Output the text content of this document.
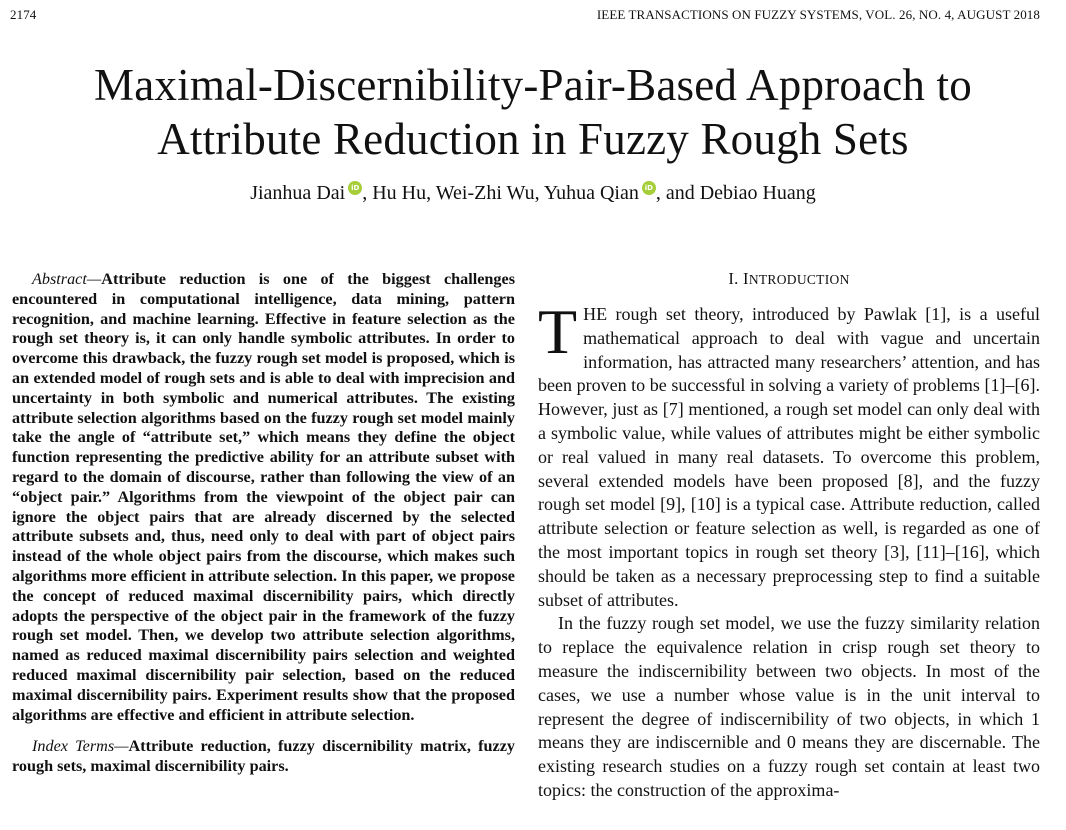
2174	IEEE TRANSACTIONS ON FUZZY SYSTEMS, VOL. 26, NO. 4, AUGUST 2018
Maximal-Discernibility-Pair-Based Approach to
Attribute Reduction in Fuzzy Rough Sets
Jianhua Dai iD , Hu Hu, Wei-Zhi Wu, Yuhua Qian iD , and Debiao Huang

Abstract—Attribute reduction is one of the biggest challenges encountered in computational intelligence, data mining, pattern recognition, and machine learning. Effective in feature selection as the rough set theory is, it can only handle symbolic attributes. In order to overcome this drawback, the fuzzy rough set model is proposed, which is an extended model of rough sets and is able to deal with imprecision and uncertainty in both symbolic and numerical attributes. The existing attribute selection algorithms based on the fuzzy rough set model mainly take the angle of “attribute set,” which means they define the object function representing the predictive ability for an attribute subset with regard to the domain of discourse, rather than following the view of an “object pair.” Algorithms from the viewpoint of the object pair can ignore the object pairs that are already discerned by the selected attribute subsets and, thus, need only to deal with part of object pairs instead of the whole object pairs from the discourse, which makes such algorithms more efficient in attribute selection. In this paper, we propose the concept of reduced maximal discernibility pairs, which directly adopts the perspective of the object pair in the framework of the fuzzy rough set model. Then, we develop two attribute selection algorithms, named as reduced maximal discernibility pairs selection and weighted reduced maximal discernibility pair selection, based on the reduced maximal discernibility pairs. Experiment results show that the proposed algorithms are effective and efficient in attribute selection.

Index Terms—Attribute reduction, fuzzy discernibility matrix, fuzzy rough sets, maximal discernibility pairs.

I. INTRODUCTION

THE rough set theory, introduced by Pawlak [1], is a useful mathematical approach to deal with vague and uncertain information, has attracted many researchers’ attention, and has been proven to be successful in solving a variety of problems [1]–[6]. However, just as [7] mentioned, a rough set model can only deal with a symbolic value, while values of attributes might be either symbolic or real valued in many real datasets. To overcome this problem, several extended models have been proposed [8], and the fuzzy rough set model [9], [10] is a typical case. Attribute reduction, called attribute selection or feature selection as well, is regarded as one of the most important topics in rough set theory [3], [11]–[16], which should be taken as a necessary preprocessing step to find a suitable subset of attributes.

In the fuzzy rough set model, we use the fuzzy similarity relation to replace the equivalence relation in crisp rough set theory to measure the indiscernibility between two objects. In most of the cases, we use a number whose value is in the unit interval to represent the degree of indiscernibility of two objects, in which 1 means they are indiscernible and 0 means they are discernable. The existing research studies on a fuzzy rough set contain at least two topics: the construction of the approxima-
